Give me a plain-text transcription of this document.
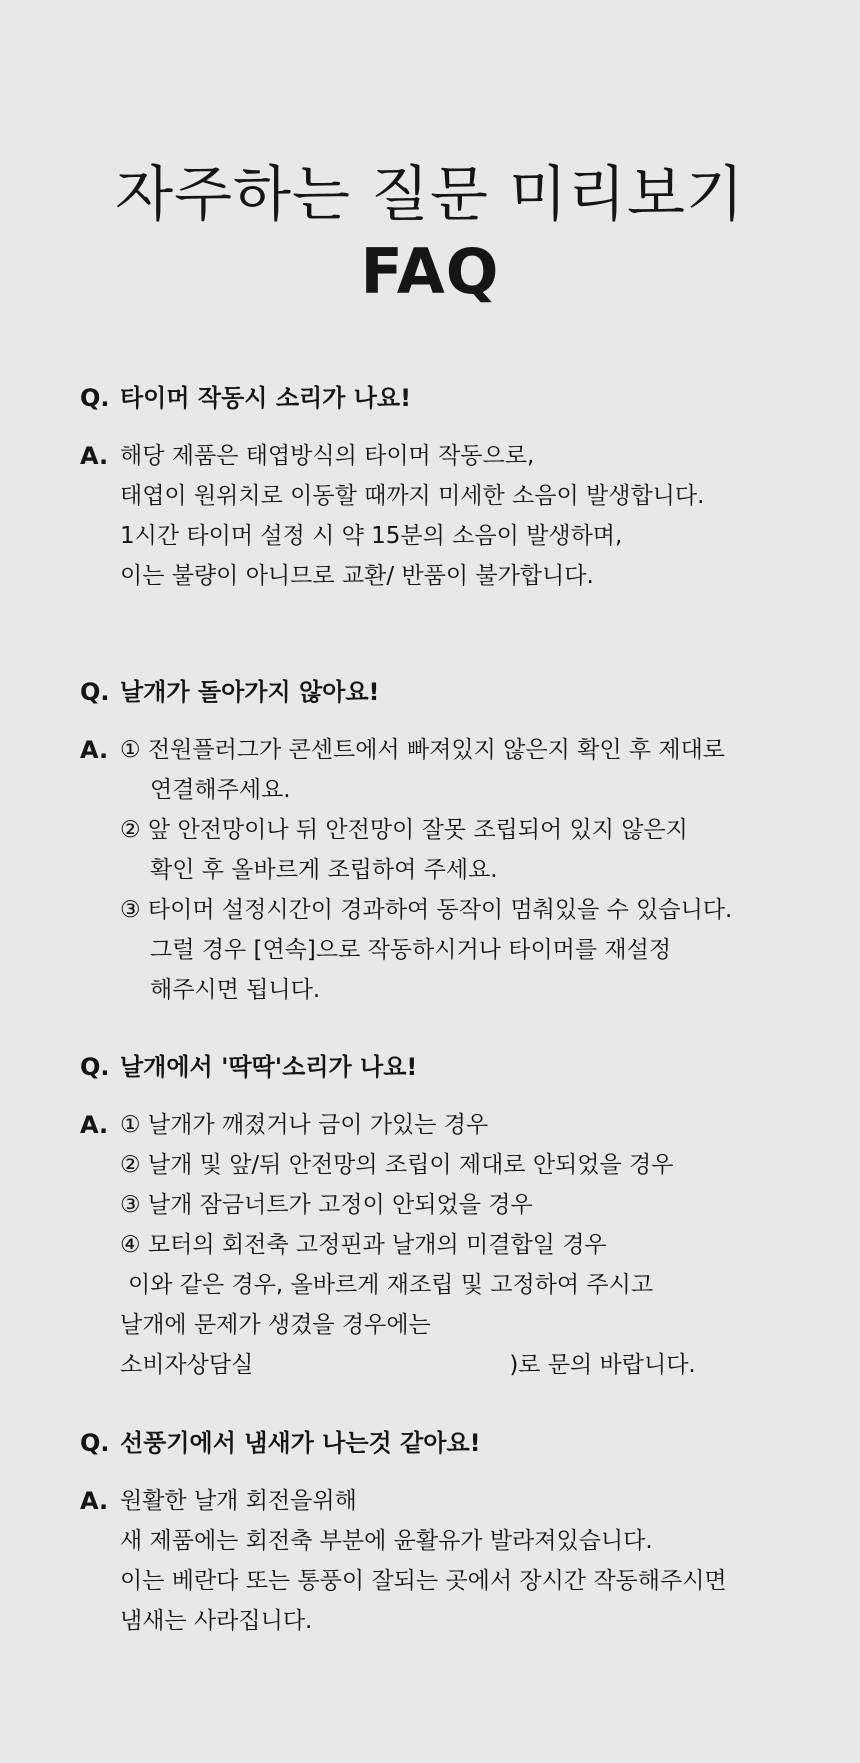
자주하는 질문 미리보기
FAQ
Q. 타이머 작동시 소리가 나요!
A. 해당 제품은 태엽방식의 타이머 작동으로,
태엽이 원위치로 이동할 때까지 미세한 소음이 발생합니다.
1시간 타이머 설정 시 약 15분의 소음이 발생하며,
이는 불량이 아니므로 교환/ 반품이 불가합니다.
Q. 날개가 돌아가지 않아요!
A. ① 전원플러그가 콘센트에서 빠져있지 않은지 확인 후 제대로
연결해주세요.
② 앞 안전망이나 뒤 안전망이 잘못 조립되어 있지 않은지
확인 후 올바르게 조립하여 주세요.
③ 타이머 설정시간이 경과하여 동작이 멈춰있을 수 있습니다.
그럴 경우 [연속]으로 작동하시거나 타이머를 재설정
해주시면 됩니다.
Q. 날개에서 '딱딱'소리가 나요!
A. ① 날개가 깨졌거나 금이 가있는 경우
② 날개 및 앞/뒤 안전망의 조립이 제대로 안되었을 경우
③ 날개 잠금너트가 고정이 안되었을 경우
④ 모터의 회전축 고정핀과 날개의 미결합일 경우
이와 같은 경우, 올바르게 재조립 및 고정하여 주시고
날개에 문제가 생겼을 경우에는
소비자상담실	)로 문의 바랍니다.
Q. 선풍기에서 냄새가 나는것 같아요!
A. 원활한 날개 회전을위해
새 제품에는 회전축 부분에 윤활유가 발라져있습니다.
이는 베란다 또는 통풍이 잘되는 곳에서 장시간 작동해주시면
냄새는 사라집니다.
